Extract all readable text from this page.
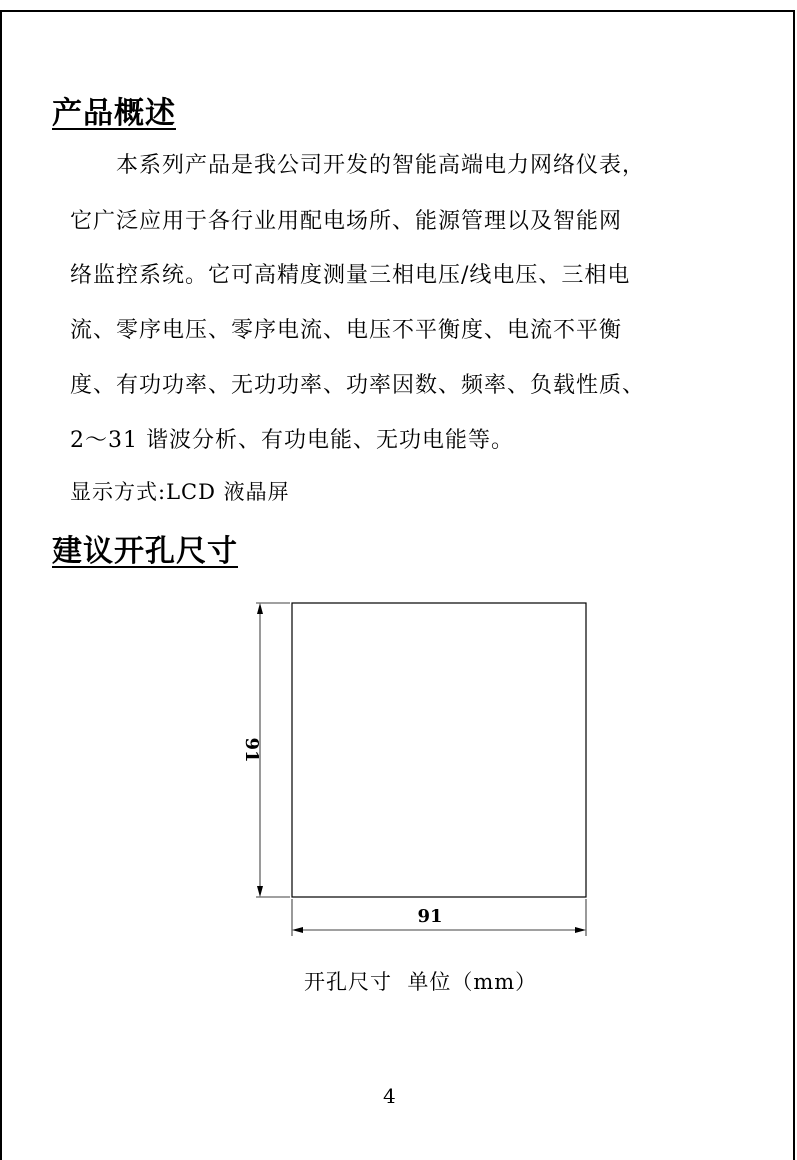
产品概述

本系列产品是我公司开发的智能高端电力网络仪表，

它广泛应用于各行业用配电场所、能源管理以及智能网

络监控系统。它可高精度测量三相电压/线电压、三相电

流、零序电压、零序电流、电压不平衡度、电流不平衡

度、有功功率、无功功率、功率因数、频率、负载性质、

2～31 谐波分析、有功电能、无功电能等。

显示方式:LCD 液晶屏

建议开孔尺寸
91
91
开孔尺寸  单位（mm）
4
